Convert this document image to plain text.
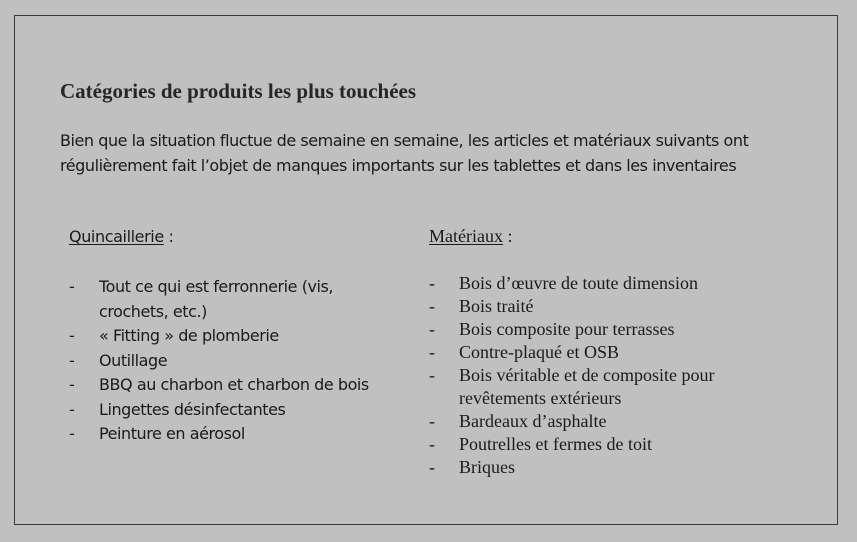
Catégories de produits les plus touchées

Bien que la situation fluctue de semaine en semaine, les articles et matériaux suivants ont régulièrement fait l’objet de manques importants sur les tablettes et dans les inventaires

Quincaillerie :

- Tout ce qui est ferronnerie (vis, crochets, etc.)
- « Fitting » de plomberie
- Outillage
- BBQ au charbon et charbon de bois
- Lingettes désinfectantes
- Peinture en aérosol

Matériaux :

- Bois d’œuvre de toute dimension
- Bois traité
- Bois composite pour terrasses
- Contre-plaqué et OSB
- Bois véritable et de composite pour revêtements extérieurs
- Bardeaux d’asphalte
- Poutrelles et fermes de toit
- Briques
